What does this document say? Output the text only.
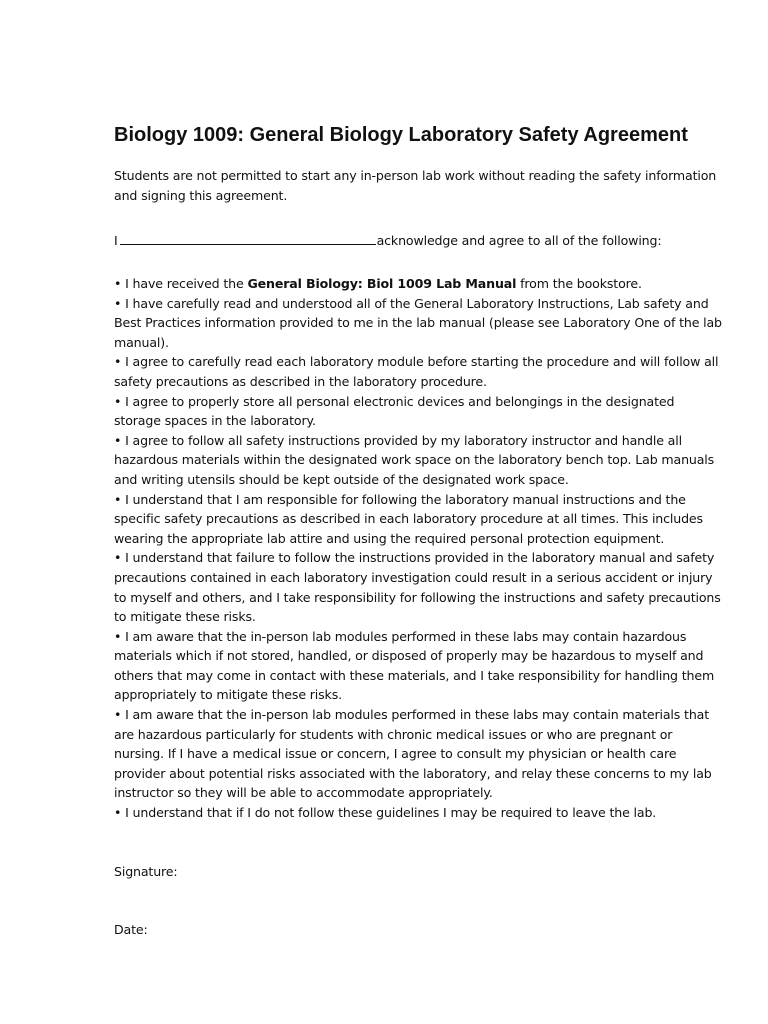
Biology 1009: General Biology Laboratory Safety Agreement

Students are not permitted to start any in-person lab work without reading the safety information and signing this agreement.

I	acknowledge and agree to all of the following:

• I have received the General Biology: Biol 1009 Lab Manual from the bookstore.
• I have carefully read and understood all of the General Laboratory Instructions, Lab safety and Best Practices information provided to me in the lab manual (please see Laboratory One of the lab manual).
• I agree to carefully read each laboratory module before starting the procedure and will follow all safety precautions as described in the laboratory procedure.
• I agree to properly store all personal electronic devices and belongings in the designated storage spaces in the laboratory.
• I agree to follow all safety instructions provided by my laboratory instructor and handle all hazardous materials within the designated work space on the laboratory bench top. Lab manuals and writing utensils should be kept outside of the designated work space.
• I understand that I am responsible for following the laboratory manual instructions and the specific safety precautions as described in each laboratory procedure at all times. This includes wearing the appropriate lab attire and using the required personal protection equipment.
• I understand that failure to follow the instructions provided in the laboratory manual and safety precautions contained in each laboratory investigation could result in a serious accident or injury to myself and others, and I take responsibility for following the instructions and safety precautions to mitigate these risks.
• I am aware that the in-person lab modules performed in these labs may contain hazardous materials which if not stored, handled, or disposed of properly may be hazardous to myself and others that may come in contact with these materials, and I take responsibility for handling them appropriately to mitigate these risks.
• I am aware that the in-person lab modules performed in these labs may contain materials that are hazardous particularly for students with chronic medical issues or who are pregnant or nursing. If I have a medical issue or concern, I agree to consult my physician or health care provider about potential risks associated with the laboratory, and relay these concerns to my lab instructor so they will be able to accommodate appropriately.
• I understand that if I do not follow these guidelines I may be required to leave the lab.

Signature:

Date:
